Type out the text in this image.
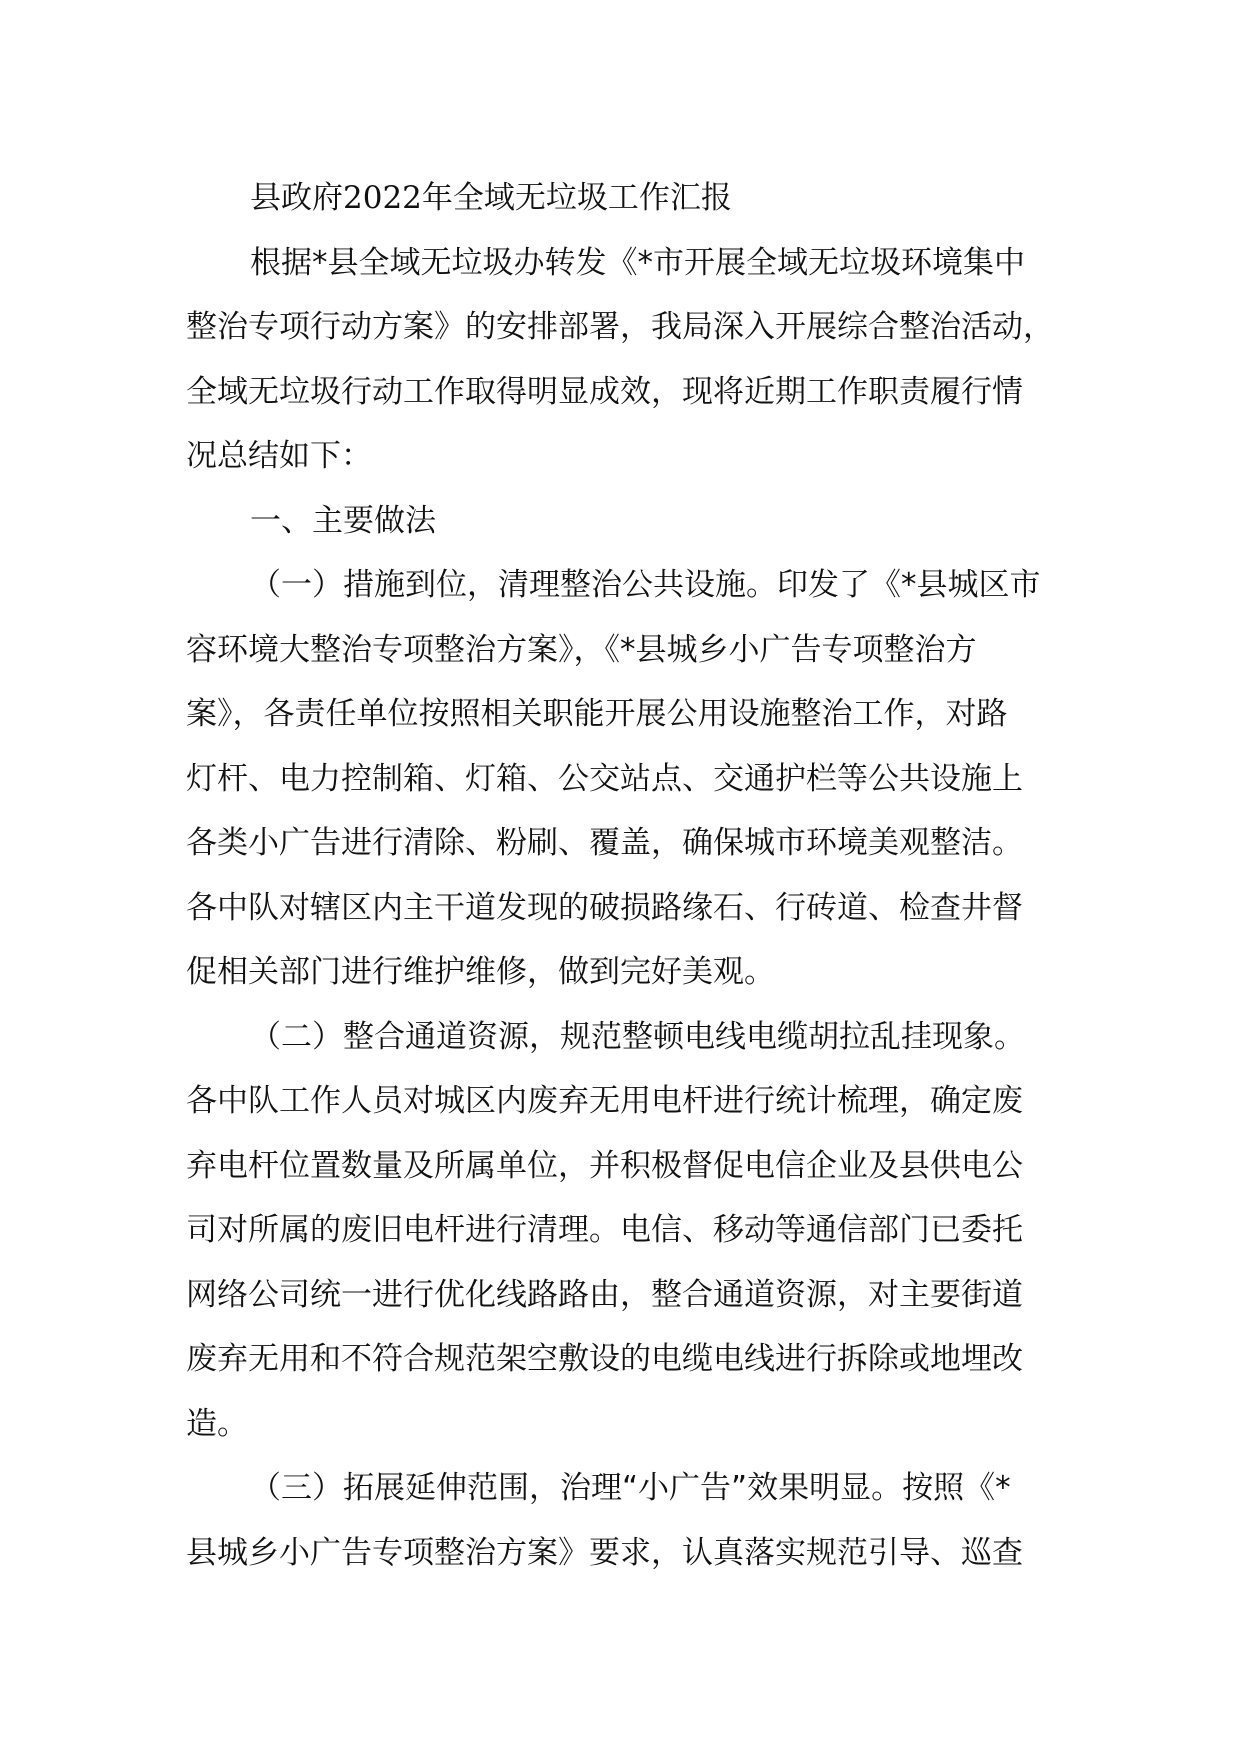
县政府2022年全域无垃圾工作汇报
根据*县全域无垃圾办转发《*市开展全域无垃圾环境集中
整治专项行动方案》的安排部署，我局深入开展综合整治活动，
全域无垃圾行动工作取得明显成效，现将近期工作职责履行情
况总结如下：
一、主要做法
（一）措施到位，清理整治公共设施。印发了《*县城区市
容环境大整治专项整治方案》，《*县城乡小广告专项整治方
案》，各责任单位按照相关职能开展公用设施整治工作，对路
灯杆、电力控制箱、灯箱、公交站点、交通护栏等公共设施上
各类小广告进行清除、粉刷、覆盖，确保城市环境美观整洁。
各中队对辖区内主干道发现的破损路缘石、行砖道、检查井督
促相关部门进行维护维修，做到完好美观。
（二）整合通道资源，规范整顿电线电缆胡拉乱挂现象。
各中队工作人员对城区内废弃无用电杆进行统计梳理，确定废
弃电杆位置数量及所属单位，并积极督促电信企业及县供电公
司对所属的废旧电杆进行清理。电信、移动等通信部门已委托
网络公司统一进行优化线路路由，整合通道资源，对主要街道
废弃无用和不符合规范架空敷设的电缆电线进行拆除或地埋改
造。
（三）拓展延伸范围，治理“小广告”效果明显。按照《*
县城乡小广告专项整治方案》要求，认真落实规范引导、巡查
